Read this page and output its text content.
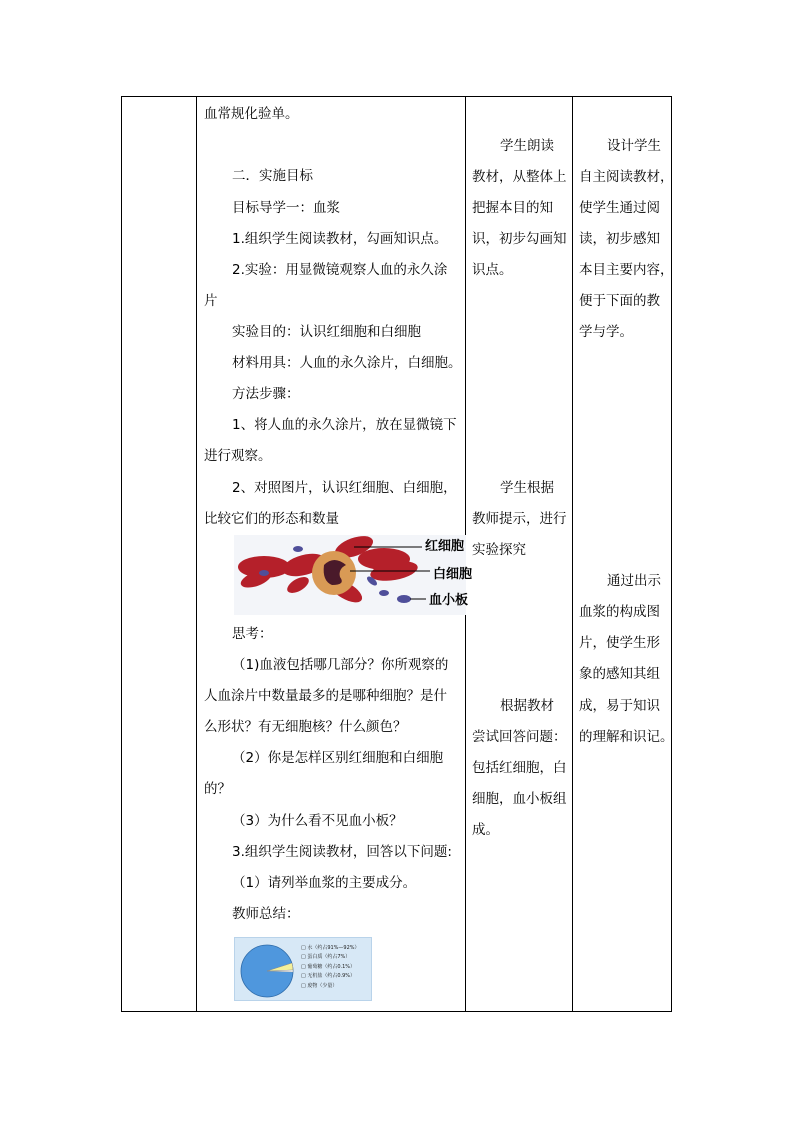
血常规化验单。
二．实施目标
目标导学一：血浆
1.组织学生阅读教材，勾画知识点。
2.实验：用显微镜观察人血的永久涂
片
实验目的：认识红细胞和白细胞
材料用具：人血的永久涂片，白细胞。
方法步骤：
1、将人血的永久涂片，放在显微镜下
进行观察。
2、对照图片，认识红细胞、白细胞，
比较它们的形态和数量
红细胞
白细胞
血小板
思考：
（1)血液包括哪几部分？你所观察的
人血涂片中数量最多的是哪种细胞？是什
么形状？有无细胞核？什么颜色？
（2）你是怎样区别红细胞和白细胞
的？
（3）为什么看不见血小板？
3.组织学生阅读教材，回答以下问题:
（1）请列举血浆的主要成分。
教师总结：
□ 水（约占91%—92%）
□ 蛋白质（约占7%）
□ 葡萄糖（约占0.1%）
□ 无机盐（约占0.9%）
□ 废物（少量）
学生朗读
教材，从整体上
把握本目的知
识，初步勾画知
识点。
学生根据
教师提示，进行
实验探究
根据教材
尝试回答问题：
包括红细胞，白
细胞，血小板组
成。
设计学生
自主阅读教材，
使学生通过阅
读，初步感知
本目主要内容，
便于下面的教
学与学。
通过出示
血浆的构成图
片，使学生形
象的感知其组
成，易于知识
的理解和识记。
